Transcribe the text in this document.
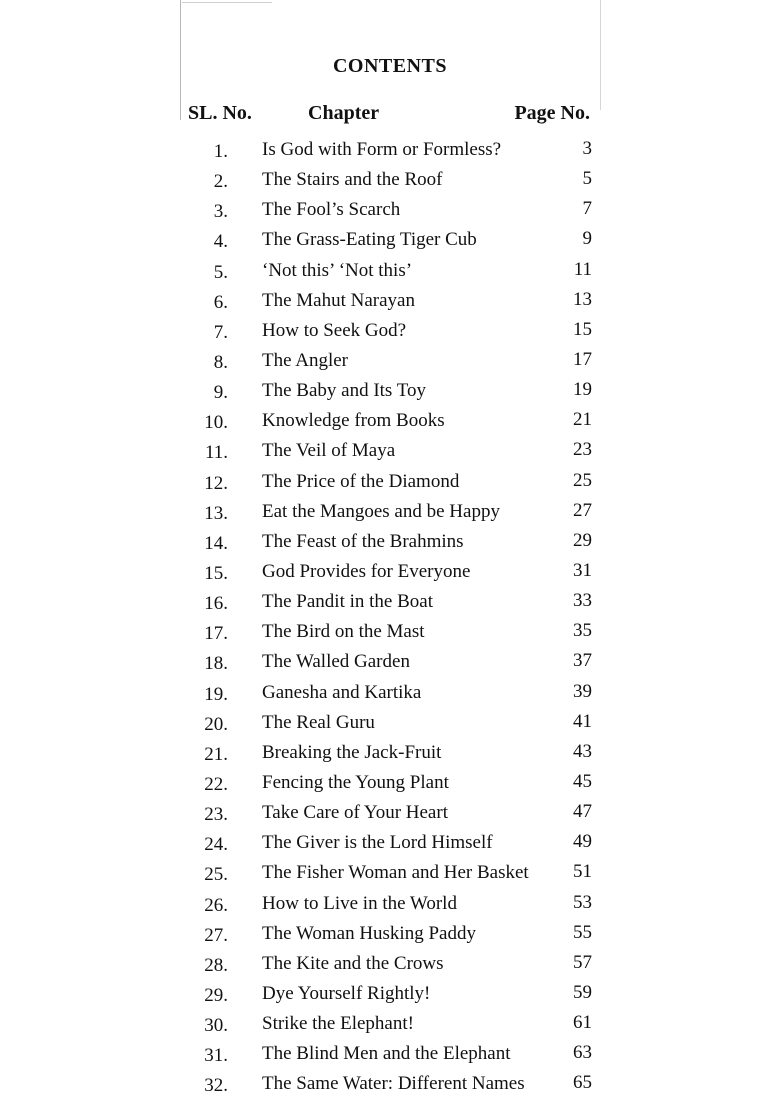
CONTENTS
SL. No.	Chapter	Page No.
1. Is God with Form or Formless?	3
2. The Stairs and the Roof	5
3. The Fool’s Scarch	7
4. The Grass-Eating Tiger Cub	9
5. ‘Not this’ ‘Not this’	11
6. The Mahut Narayan	13
7. How to Seek God?	15
8. The Angler	17
9. The Baby and Its Toy	19
10. Knowledge from Books	21
11. The Veil of Maya	23
12. The Price of the Diamond	25
13. Eat the Mangoes and be Happy	27
14. The Feast of the Brahmins	29
15. God Provides for Everyone	31
16. The Pandit in the Boat	33
17. The Bird on the Mast	35
18. The Walled Garden	37
19. Ganesha and Kartika	39
20. The Real Guru	41
21. Breaking the Jack-Fruit	43
22. Fencing the Young Plant	45
23. Take Care of Your Heart	47
24. The Giver is the Lord Himself	49
25. The Fisher Woman and Her Basket 51
26. How to Live in the World	53
27. The Woman Husking Paddy	55
28. The Kite and the Crows	57
29. Dye Yourself Rightly!	59
30. Strike the Elephant!	61
31. The Blind Men and the Elephant	63
32. The Same Water: Different Names	65
